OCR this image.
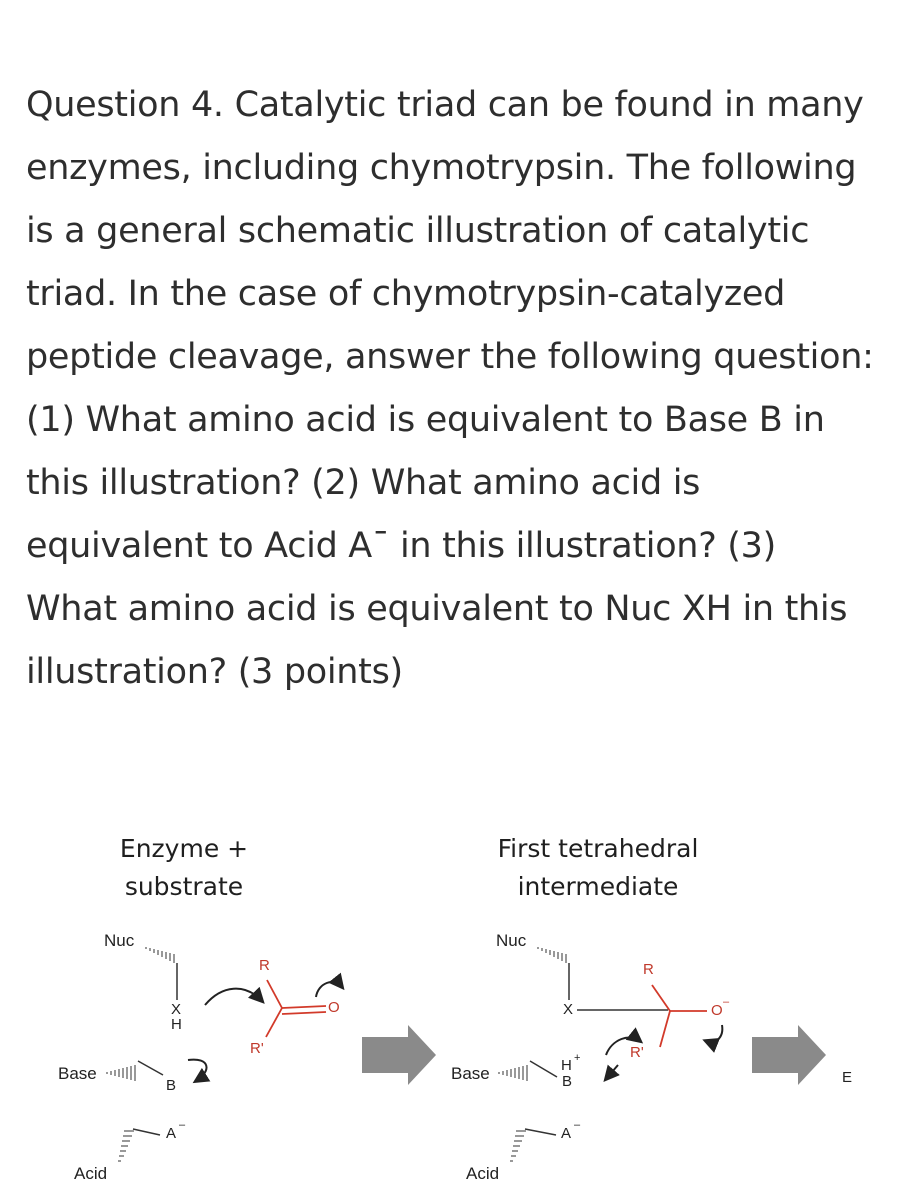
Question 4. Catalytic triad can be found in many enzymes, including chymotrypsin. The following is a general schematic illustration of catalytic triad. In the case of chymotrypsin-catalyzed peptide cleavage, answer the following question: (1) What amino acid is equivalent to Base B in this illustration? (2) What amino acid is equivalent to Acid A¯ in this illustration? (3) What amino acid is equivalent to Nuc XH in this illustration? (3 points)

Enzyme +
substrate
First tetrahedral
intermediate
Nuc
X
H
Base
B
A –
Acid
R
R'
O
Nuc
X
H +
Base	B
A –
Acid
R
R'
O –
E
